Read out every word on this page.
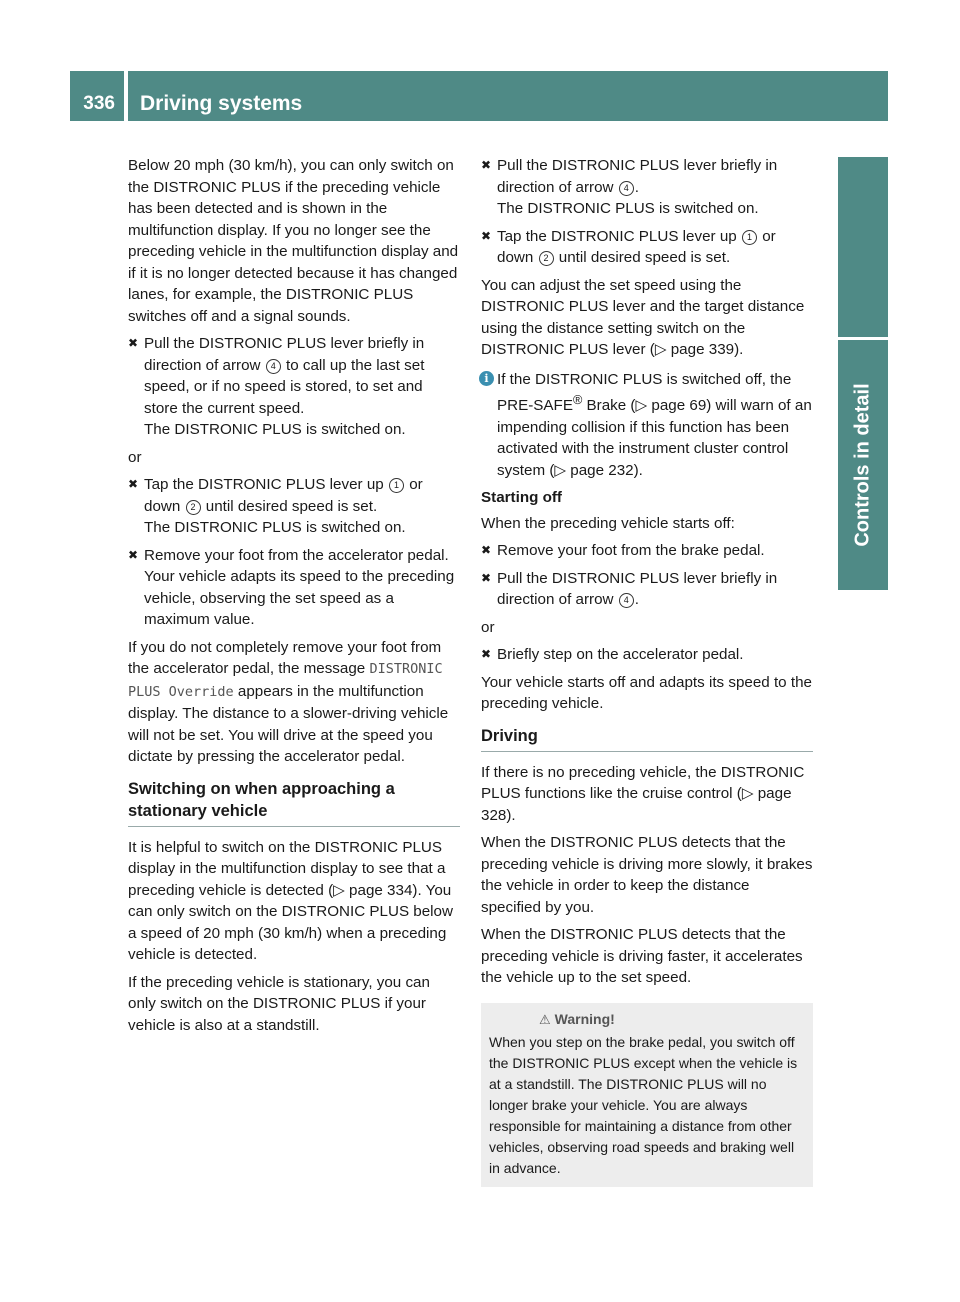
336	Driving systems
Controls in detail

Below 20 mph (30 km/h), you can only switch on the DISTRONIC PLUS if the preceding vehicle has been detected and is shown in the multifunction display. If you no longer see the preceding vehicle in the multifunction display and if it is no longer detected because it has changed lanes, for example, the DISTRONIC PLUS switches off and a signal sounds.

✖ Pull the DISTRONIC PLUS lever briefly in direction of arrow 4 to call up the last set speed, or if no speed is stored, to set and store the current speed.
The DISTRONIC PLUS is switched on.

or

✖ Tap the DISTRONIC PLUS lever up 1 or down 2 until desired speed is set.
The DISTRONIC PLUS is switched on.
✖ Remove your foot from the accelerator pedal.
Your vehicle adapts its speed to the preceding vehicle, observing the set speed as a maximum value.

If you do not completely remove your foot from the accelerator pedal, the message DISTRONIC PLUS Override appears in the multifunction display. The distance to a slower-driving vehicle will not be set. You will drive at the speed you dictate by pressing the accelerator pedal.

Switching on when approaching a stationary vehicle

It is helpful to switch on the DISTRONIC PLUS display in the multifunction display to see that a preceding vehicle is detected (▷ page 334). You can only switch on the DISTRONIC PLUS below a speed of 20 mph (30 km/h) when a preceding vehicle is detected.

If the preceding vehicle is stationary, you can only switch on the DISTRONIC PLUS if your vehicle is also at a standstill.

✖ Pull the DISTRONIC PLUS lever briefly in direction of arrow 4 .
The DISTRONIC PLUS is switched on.
✖ Tap the DISTRONIC PLUS lever up 1 or down 2 until desired speed is set.

You can adjust the set speed using the DISTRONIC PLUS lever and the target distance using the distance setting switch on the DISTRONIC PLUS lever (▷ page 339).

i If the DISTRONIC PLUS is switched off, the PRE-SAFE® Brake (▷ page 69) will warn of an impending collision if this function has been activated with the instrument cluster control system (▷ page 232).

Starting off

When the preceding vehicle starts off:

✖ Remove your foot from the brake pedal.
✖ Pull the DISTRONIC PLUS lever briefly in direction of arrow 4 .

or

✖ Briefly step on the accelerator pedal.

Your vehicle starts off and adapts its speed to the preceding vehicle.

Driving

If there is no preceding vehicle, the DISTRONIC PLUS functions like the cruise control (▷ page 328).

When the DISTRONIC PLUS detects that the preceding vehicle is driving more slowly, it brakes the vehicle in order to keep the distance specified by you.

When the DISTRONIC PLUS detects that the preceding vehicle is driving faster, it accelerates the vehicle up to the set speed.

⚠ Warning!
When you step on the brake pedal, you switch off the DISTRONIC PLUS except when the vehicle is at a standstill. The DISTRONIC PLUS will no longer brake your vehicle. You are always responsible for maintaining a distance from other vehicles, observing road speeds and braking well in advance.
